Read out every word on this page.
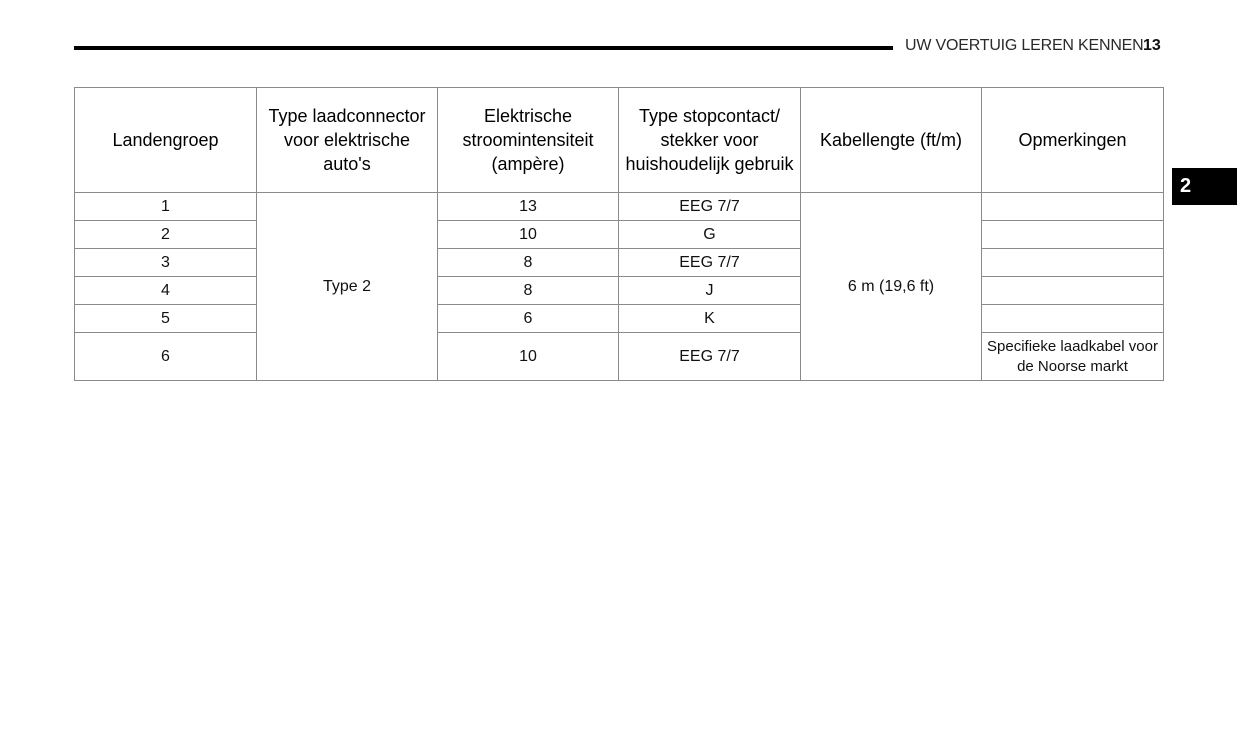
UW VOERTUIG LEREN KENNEN 13
2
Landengroep	Type laadconnector voor elektrische auto's	Elektrische stroomintensiteit (ampère)	Type stopcontact/ stekker voor huishoudelijk gebruik	Kabellengte (ft/m)	Opmerkingen
1	Type 2	13	EEG 7/7	6 m (19,6 ft)	
2		10	G		
3		8	EEG 7/7		
4		8	J		
5		6	K		
6		10	EEG 7/7		Specifieke laadkabel voor de Noorse markt
